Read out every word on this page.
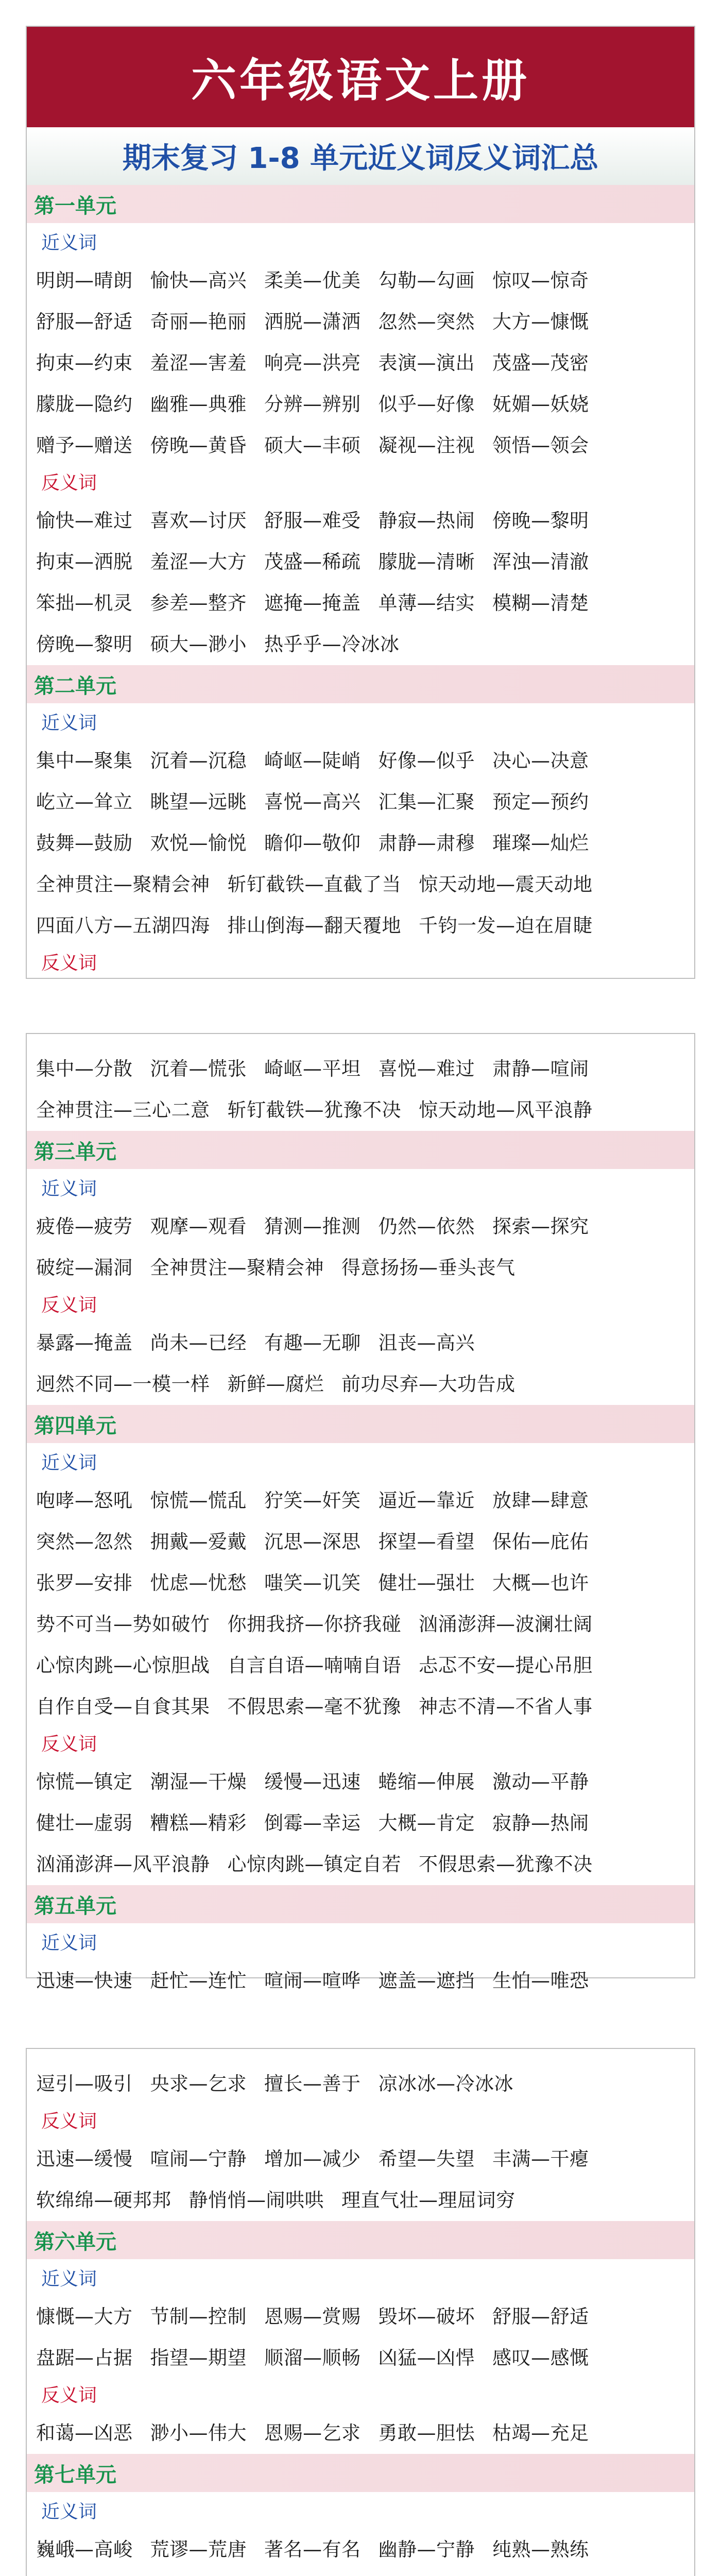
六年级语文上册
期末复习 1-8 单元近义词反义词汇总
第一单元
近义词
明朗—晴朗 愉快—高兴 柔美—优美 勾勒—勾画 惊叹—惊奇
舒服—舒适 奇丽—艳丽 洒脱—潇洒 忽然—突然 大方—慷慨
拘束—约束 羞涩—害羞 响亮—洪亮 表演—演出 茂盛—茂密
朦胧—隐约 幽雅—典雅 分辨—辨别 似乎—好像 妩媚—妖娆
赠予—赠送 傍晚—黄昏 硕大—丰硕 凝视—注视 领悟—领会
反义词
愉快—难过 喜欢—讨厌 舒服—难受 静寂—热闹 傍晚—黎明
拘束—洒脱 羞涩—大方 茂盛—稀疏 朦胧—清晰 浑浊—清澈
笨拙—机灵 参差—整齐 遮掩—掩盖 单薄—结实 模糊—清楚
傍晚—黎明 硕大—渺小 热乎乎—冷冰冰
第二单元
近义词
集中—聚集 沉着—沉稳 崎岖—陡峭 好像—似乎 决心—决意
屹立—耸立 眺望—远眺 喜悦—高兴 汇集—汇聚 预定—预约
鼓舞—鼓励 欢悦—愉悦 瞻仰—敬仰 肃静—肃穆 璀璨—灿烂
全神贯注—聚精会神 斩钉截铁—直截了当 惊天动地—震天动地
四面八方—五湖四海 排山倒海—翻天覆地 千钧一发—迫在眉睫
反义词
集中—分散 沉着—慌张 崎岖—平坦 喜悦—难过 肃静—喧闹
全神贯注—三心二意 斩钉截铁—犹豫不决 惊天动地—风平浪静
第三单元
近义词
疲倦—疲劳 观摩—观看 猜测—推测 仍然—依然 探索—探究
破绽—漏洞 全神贯注—聚精会神 得意扬扬—垂头丧气
反义词
暴露—掩盖 尚未—已经 有趣—无聊 沮丧—高兴
迥然不同—一模一样 新鲜—腐烂 前功尽弃—大功告成
第四单元
近义词
咆哮—怒吼 惊慌—慌乱 狞笑—奸笑 逼近—靠近 放肆—肆意
突然—忽然 拥戴—爱戴 沉思—深思 探望—看望 保佑—庇佑
张罗—安排 忧虑—忧愁 嗤笑—讥笑 健壮—强壮 大概—也许
势不可当—势如破竹 你拥我挤—你挤我碰 汹涌澎湃—波澜壮阔
心惊肉跳—心惊胆战 自言自语—喃喃自语 忐忑不安—提心吊胆
自作自受—自食其果 不假思索—毫不犹豫 神志不清—不省人事
反义词
惊慌—镇定 潮湿—干燥 缓慢—迅速 蜷缩—伸展 激动—平静
健壮—虚弱 糟糕—精彩 倒霉—幸运 大概—肯定 寂静—热闹
汹涌澎湃—风平浪静 心惊肉跳—镇定自若 不假思索—犹豫不决
第五单元
近义词
迅速—快速 赶忙—连忙 喧闹—喧哗 遮盖—遮挡 生怕—唯恐
逗引—吸引 央求—乞求 擅长—善于 凉冰冰—冷冰冰
反义词
迅速—缓慢 喧闹—宁静 增加—减少 希望—失望 丰满—干瘪
软绵绵—硬邦邦 静悄悄—闹哄哄 理直气壮—理屈词穷
第六单元
近义词
慷慨—大方 节制—控制 恩赐—赏赐 毁坏—破坏 舒服—舒适
盘踞—占据 指望—期望 顺溜—顺畅 凶猛—凶悍 感叹—感慨
反义词
和蔼—凶恶 渺小—伟大 恩赐—乞求 勇敢—胆怯 枯竭—充足
第七单元
近义词
巍峨—高峻 荒谬—荒唐 著名—有名 幽静—宁静 纯熟—熟练
